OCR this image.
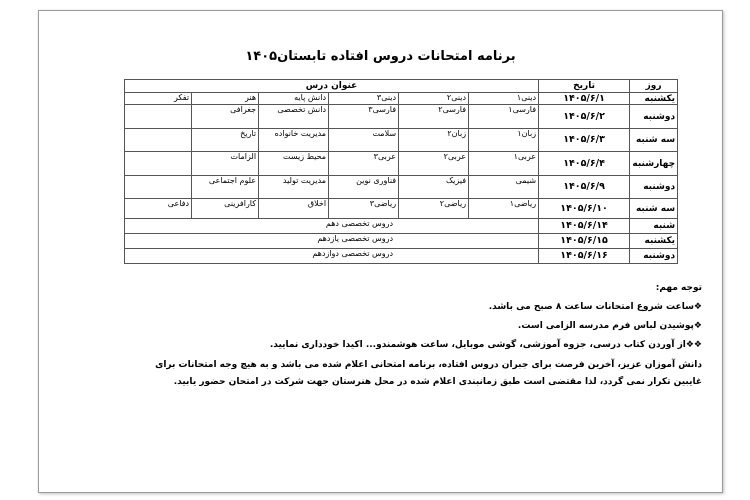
برنامه امتحانات دروس افتاده تابستان۱۴۰۵
روز	تاریخ	عنوان درس					
یکشنبه	۱۴۰۵/۶/۱	دینی۱	دینی۲	دینی۳	دانش پایه	هنر	تفکر
دوشنبه	۱۴۰۵/۶/۲	فارسی۱	فارسی۲	فارسی۳	دانش تخصصی	جغرافی	
سه شنبه	۱۴۰۵/۶/۳	زبان۱	زبان۲	سلامت	مدیریت خانواده	تاریخ	
چهارشنبه	۱۴۰۵/۶/۴	عربی۱	عربی۲	عربی۳	محیط زیست	الزامات	
دوشنبه	۱۴۰۵/۶/۹	شیمی	فیزیک	فناوری نوین	مدیریت تولید	علوم اجتماعی	
سه شنبه	۱۴۰۵/۶/۱۰	ریاضی۱	ریاضی۲	ریاضی۳	اخلاق	کارافرینی	دفاعی
شنبه	۱۴۰۵/۶/۱۴	دروس تخصصی دهم					
یکشنبه	۱۴۰۵/۶/۱۵	دروس تخصصی یازدهم					
دوشنبه	۱۴۰۵/۶/۱۶	دروس تخصصی دوازدهم					
توجه مهم:
❖ساعت شروع امتحانات ساعت ۸ صبح می باشد.
❖پوشیدن لباس فرم مدرسه الزامی است.
❖❖از آوردن کتاب درسی، جزوه آموزشی، گوشی موبایل، ساعت هوشمندو... اکیدا خودداری نمایید.
دانش آموزان عزیز، آخرین فرصت برای جبران دروس افتاده، برنامه امتحانی اعلام شده می باشد و به هیچ وجه امتحانات برای غایبین تکرار نمی گردد، لذا مقتضی است طبق زمانبندی اعلام شده در محل هنرستان جهت شرکت در امتحان حضور یابید.
